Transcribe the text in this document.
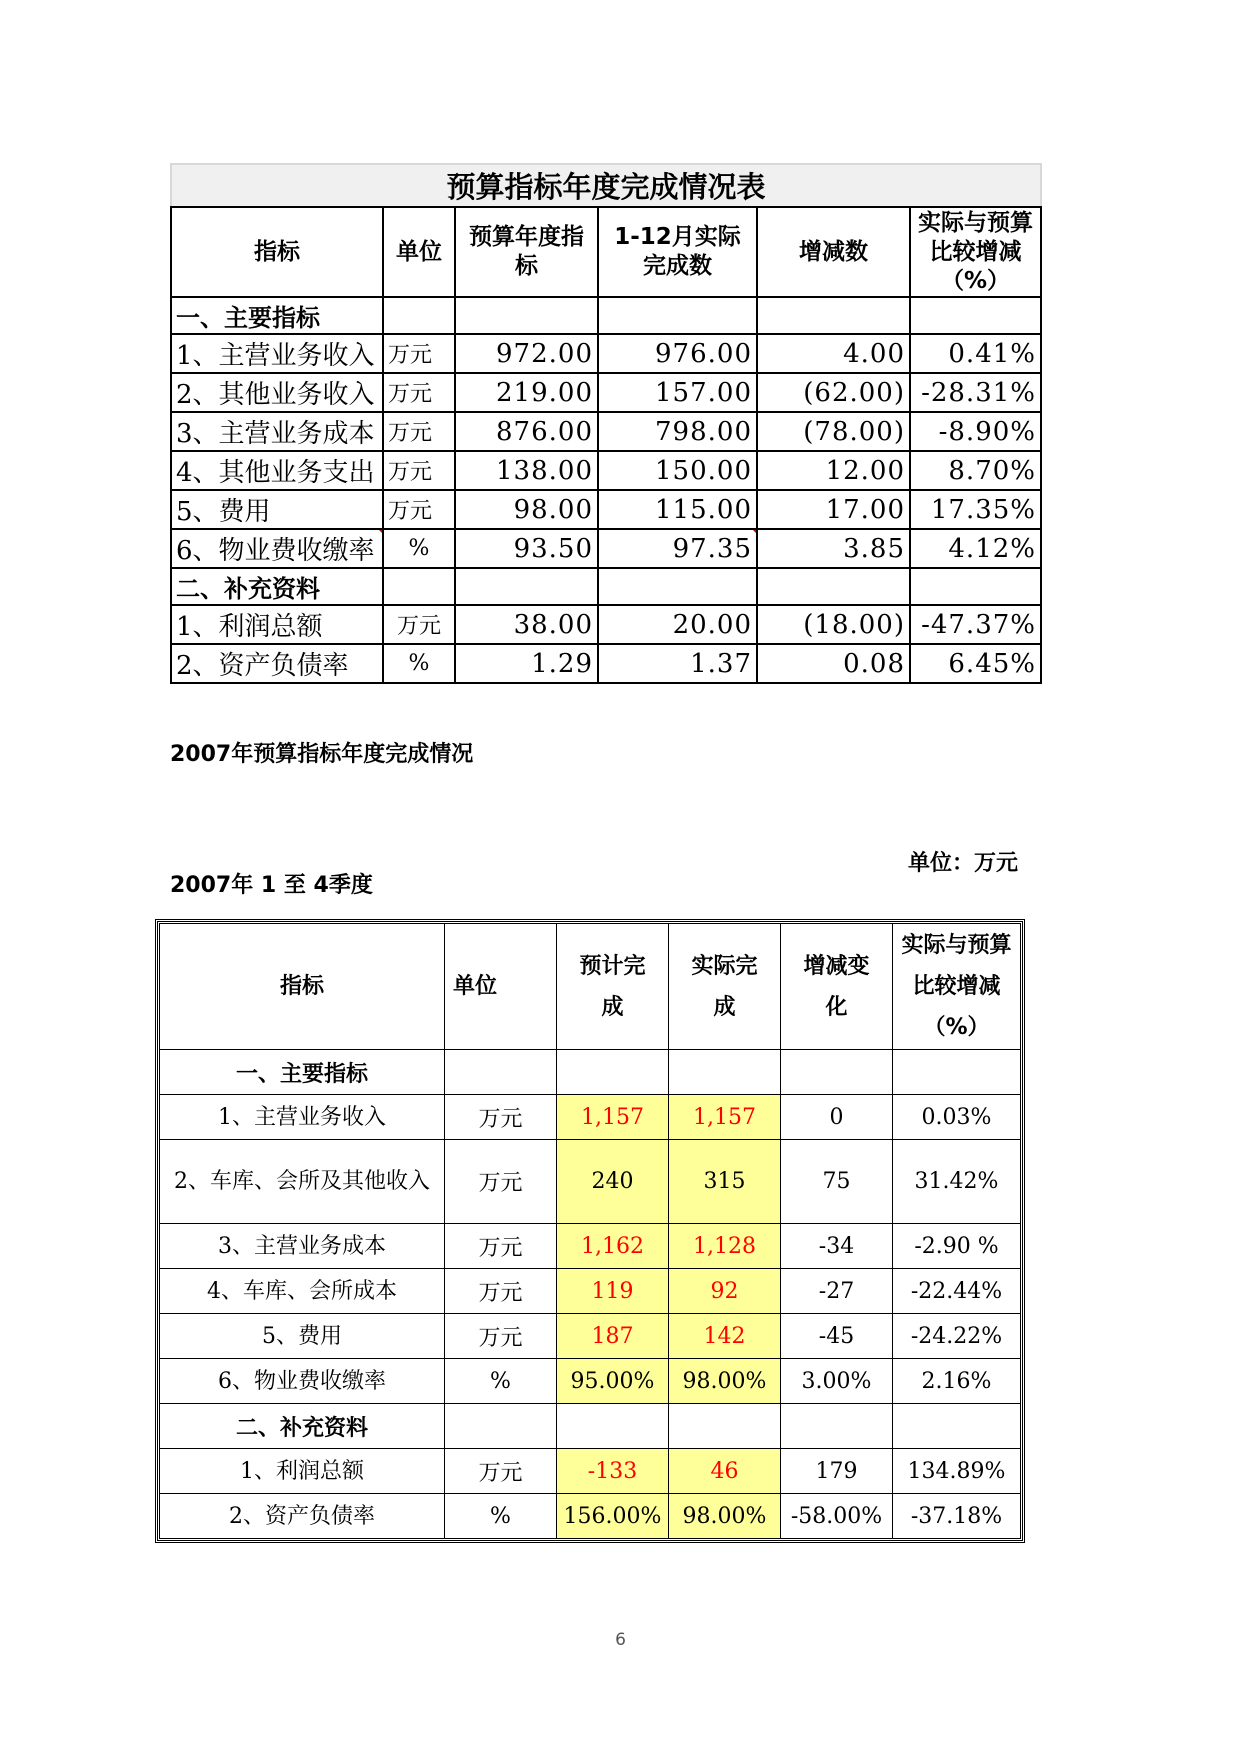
预算指标年度完成情况表					
指标	单位	预算年度指标	1-12月实际完成数	增减数	实际与预算比较增减（%）
一、主要指标					
1、主营业务收入	万元	972.00	976.00	4.00	0.41%
2、其他业务收入	万元	219.00	157.00	(62.00)	-28.31%
3、主营业务成本	万元	876.00	798.00	(78.00)	-8.90%
4、其他业务支出	万元	138.00	150.00	12.00	8.70%
5、费用	万元	98.00	115.00	17.00	17.35%
6、物业费收缴率	%	93.50	97.35	3.85	4.12%
二、补充资料					
1、利润总额	万元	38.00	20.00	(18.00)	-47.37%
2、资产负债率	%	1.29	1.37	0.08	6.45%
2007年预算指标年度完成情况
2007年 1 至 4季度
单位：万元
指标	单位	预计完成	实际完成	增减变化	实际与预算比较增减（%）
一、主要指标					
1、主营业务收入	万元	1,157	1,157	0	0.03%
2、车库、会所及其他收入	万元	240	315	75	31.42%
3、主营业务成本	万元	1,162	1,128	-34	-2.90 %
4、车库、会所成本	万元	119	92	-27	-22.44%
5、费用	万元	187	142	-45	-24.22%
6、物业费收缴率	%	95.00%	98.00%	3.00%	2.16%
二、补充资料					
1、利润总额	万元	-133	46	179	134.89%
2、资产负债率	%	156.00%	98.00%	-58.00%	-37.18%
6
